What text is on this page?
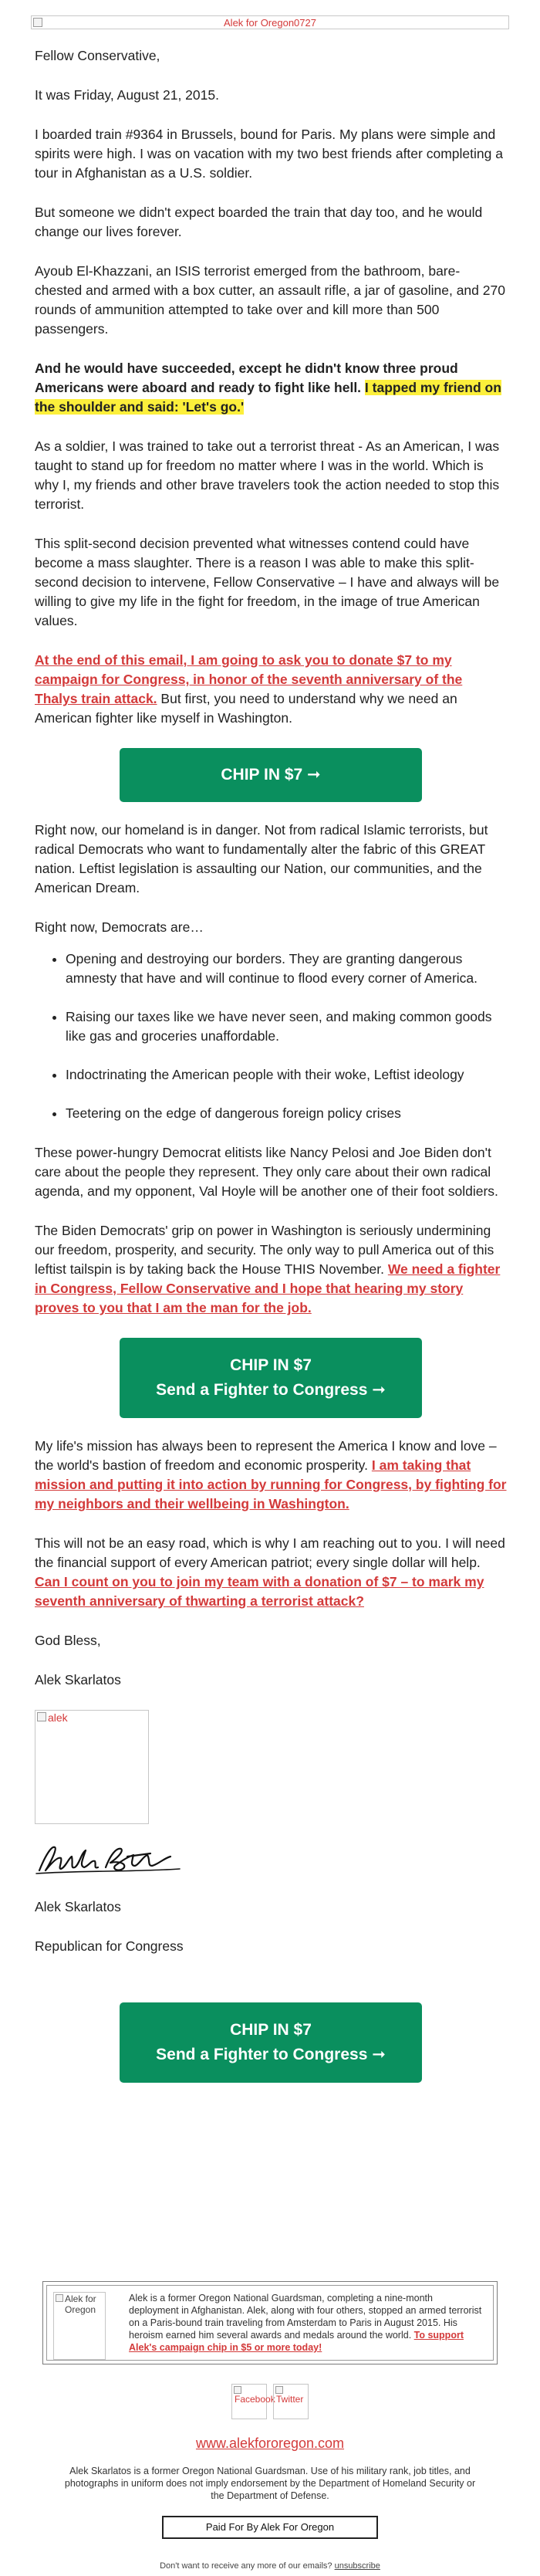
Alek for Oregon0727

Fellow Conservative,

It was Friday, August 21, 2015.

I boarded train #9364 in Brussels, bound for Paris. My plans were simple and spirits were high. I was on vacation with my two best friends after completing a tour in Afghanistan as a U.S. soldier.

But someone we didn't expect boarded the train that day too, and he would change our lives forever.

Ayoub El-Khazzani, an ISIS terrorist emerged from the bathroom, bare-chested and armed with a box cutter, an assault rifle, a jar of gasoline, and 270 rounds of ammunition attempted to take over and kill more than 500 passengers.

And he would have succeeded, except he didn't know three proud Americans were aboard and ready to fight like hell. I tapped my friend on the shoulder and said: 'Let's go.'

As a soldier, I was trained to take out a terrorist threat - As an American, I was taught to stand up for freedom no matter where I was in the world. Which is why I, my friends and other brave travelers took the action needed to stop this terrorist.

This split-second decision prevented what witnesses contend could have become a mass slaughter. There is a reason I was able to make this split-second decision to intervene, Fellow Conservative – I have and always will be willing to give my life in the fight for freedom, in the image of true American values.

At the end of this email, I am going to ask you to donate $7 to my campaign for Congress, in honor of the seventh anniversary of the Thalys train attack. But first, you need to understand why we need an American fighter like myself in Washington.

CHIP IN $7 ➞

Right now, our homeland is in danger. Not from radical Islamic terrorists, but radical Democrats who want to fundamentally alter the fabric of this GREAT nation. Leftist legislation is assaulting our Nation, our communities, and the American Dream.

Right now, Democrats are…

• Opening and destroying our borders. They are granting dangerous amnesty that have and will continue to flood every corner of America.
• Raising our taxes like we have never seen, and making common goods like gas and groceries unaffordable.
• Indoctrinating the American people with their woke, Leftist ideology
• Teetering on the edge of dangerous foreign policy crises

These power-hungry Democrat elitists like Nancy Pelosi and Joe Biden don't care about the people they represent. They only care about their own radical agenda, and my opponent, Val Hoyle will be another one of their foot soldiers.

The Biden Democrats' grip on power in Washington is seriously undermining our freedom, prosperity, and security. The only way to pull America out of this leftist tailspin is by taking back the House THIS November. We need a fighter in Congress, Fellow Conservative and I hope that hearing my story proves to you that I am the man for the job.

CHIP IN $7
Send a Fighter to Congress ➞

My life's mission has always been to represent the America I know and love – the world's bastion of freedom and economic prosperity. I am taking that mission and putting it into action by running for Congress, by fighting for my neighbors and their wellbeing in Washington.

This will not be an easy road, which is why I am reaching out to you. I will need the financial support of every American patriot; every single dollar will help. Can I count on you to join my team with a donation of $7 – to mark my seventh anniversary of thwarting a terrorist attack?

God Bless,

Alek Skarlatos

alek

Alek Skarlatos

Republican for Congress

CHIP IN $7
Send a Fighter to Congress ➞
Alek for Oregon
Alek is a former Oregon National Guardsman, completing a nine-month deployment in Afghanistan. Alek, along with four others, stopped an armed terrorist on a Paris-bound train traveling from Amsterdam to Paris in August 2015. His heroism earned him several awards and medals around the world. To support Alek's campaign chip in $5 or more today!
Facebook Twitter
www.alekfororegon.com
Alek Skarlatos is a former Oregon National Guardsman. Use of his military rank, job titles, and photographs in uniform does not imply endorsement by the Department of Homeland Security or the Department of Defense.
Paid For By Alek For Oregon
Don't want to receive any more of our emails? unsubscribe
